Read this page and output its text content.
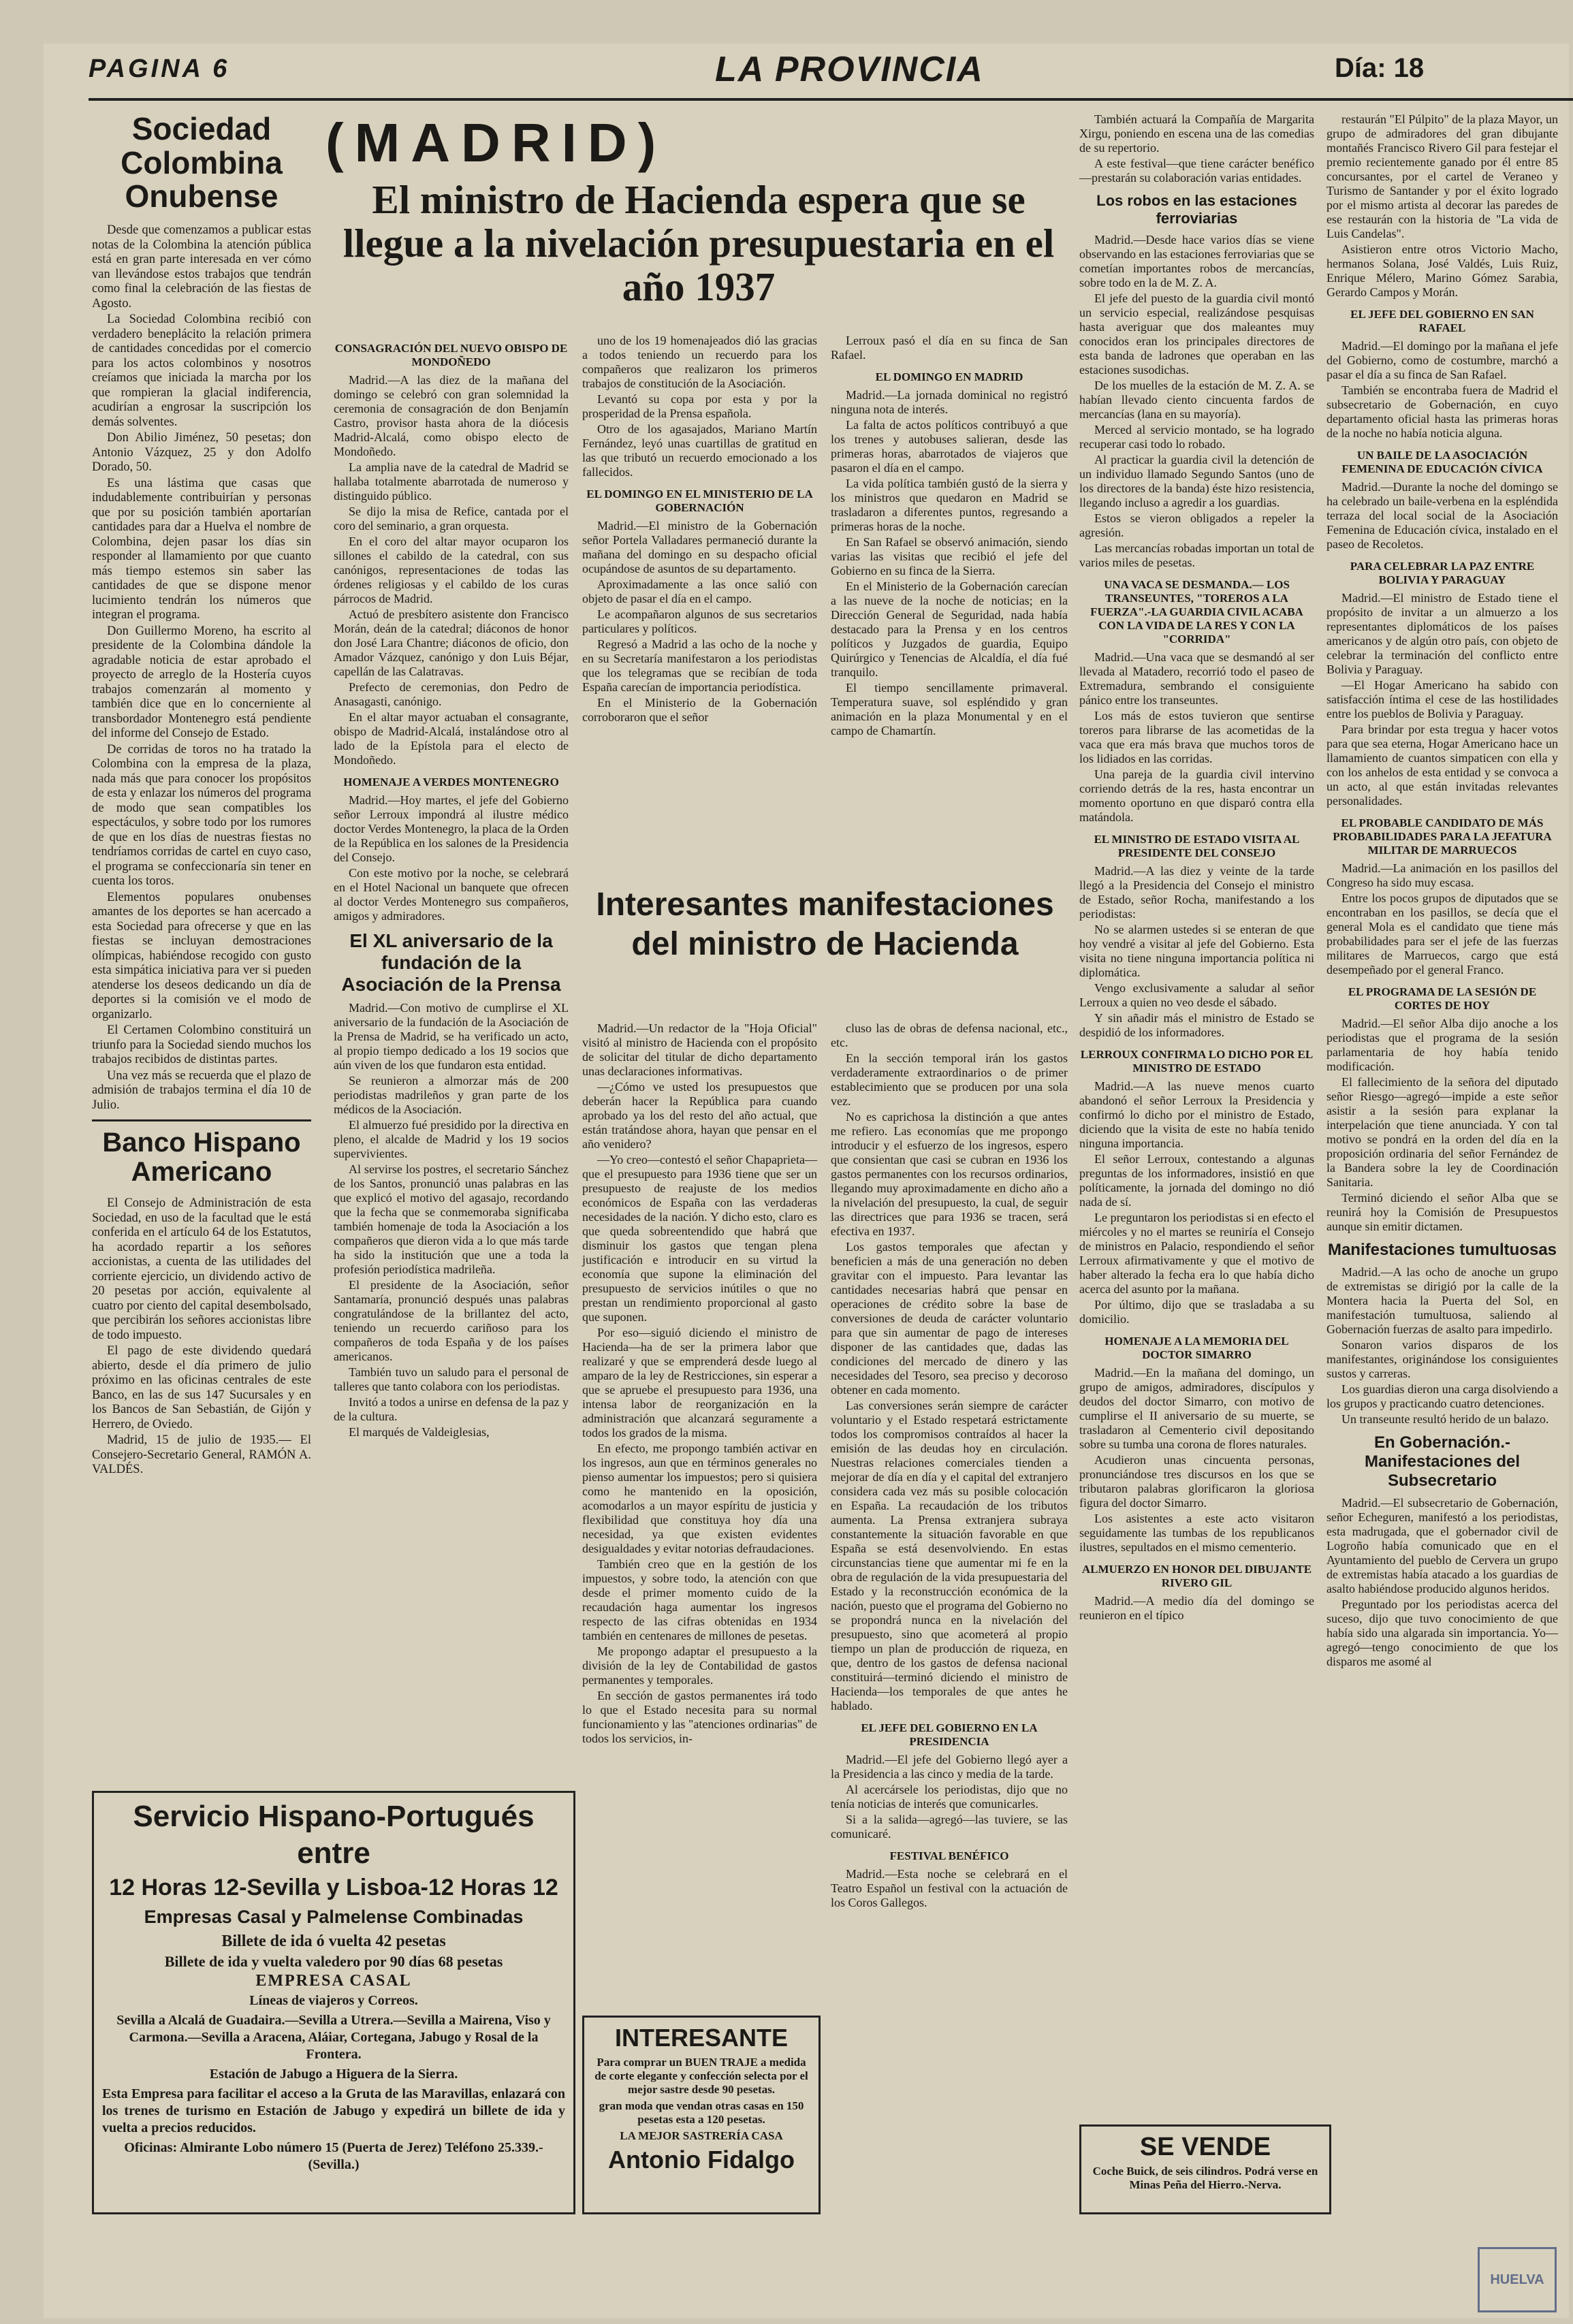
PAGINA 6	LA PROVINCIA	Día: 18
Sociedad Colombina Onubense

Desde que comenzamos a publicar estas notas de la Colombina la atención pública está en gran parte interesada en ver cómo van llevándose estos trabajos que tendrán como final la celebración de las fiestas de Agosto.

La Sociedad Colombina recibió con verdadero beneplácito la relación primera de cantidades concedidas por el comercio para los actos colombinos y nosotros creíamos que iniciada la marcha por los que rompieran la glacial indiferencia, acudirían a engrosar la suscripción los demás solventes.

Don Abilio Jiménez, 50 pesetas; don Antonio Vázquez, 25 y don Adolfo Dorado, 50.

Es una lástima que casas que indudablemente contribuirían y personas que por su posición también aportarían cantidades para dar a Huelva el nombre de Colombina, dejen pasar los días sin responder al llamamiento por que cuanto más tiempo estemos sin saber las cantidades de que se dispone menor lucimiento tendrán los números que integran el programa.

Don Guillermo Moreno, ha escrito al presidente de la Colombina dándole la agradable noticia de estar aprobado el proyecto de arreglo de la Hostería cuyos trabajos comenzarán al momento y también dice que en lo concerniente al transbordador Montenegro está pendiente del informe del Consejo de Estado.

De corridas de toros no ha tratado la Colombina con la empresa de la plaza, nada más que para conocer los propósitos de esta y enlazar los números del programa de modo que sean compatibles los espectáculos, y sobre todo por los rumores de que en los días de nuestras fiestas no tendríamos corridas de cartel en cuyo caso, el programa se confeccionaría sin tener en cuenta los toros.

Elementos populares onubenses amantes de los deportes se han acercado a esta Sociedad para ofrecerse y que en las fiestas se incluyan demostraciones olímpicas, habiéndose recogido con gusto esta simpática iniciativa para ver si pueden atenderse los deseos dedicando un día de deportes si la comisión ve el modo de organizarlo.

El Certamen Colombino constituirá un triunfo para la Sociedad siendo muchos los trabajos recibidos de distintas partes.

Una vez más se recuerda que el plazo de admisión de trabajos termina el día 10 de Julio.

Banco Hispano Americano

El Consejo de Administración de esta Sociedad, en uso de la facultad que le está conferida en el artículo 64 de los Estatutos, ha acordado repartir a los señores accionistas, a cuenta de las utilidades del corriente ejercicio, un dividendo activo de 20 pesetas por acción, equivalente al cuatro por ciento del capital desembolsado, que percibirán los señores accionistas libre de todo impuesto.

El pago de este dividendo quedará abierto, desde el día primero de julio próximo en las oficinas centrales de este Banco, en las de sus 147 Sucursales y en los Bancos de San Sebastián, de Gijón y Herrero, de Oviedo.

Madrid, 15 de julio de 1935.— El Consejero-Secretario General, RAMÓN A. VALDÉS.

Servicio Hispano-Portugués entre
12 Horas 12-Sevilla y Lisboa-12 Horas 12
Empresas Casal y Palmelense Combinadas
Billete de ida ó vuelta 42 pesetas
Billete de ida y vuelta valedero por 90 días 68 pesetas
EMPRESA CASAL
Líneas de viajeros y Correos.
Sevilla a Alcalá de Guadaira.—Sevilla a Utrera.—Sevilla a Mairena, Viso y Carmona.—Sevilla a Aracena, Aláiar, Cortegana, Jabugo y Rosal de la Frontera.
Estación de Jabugo a Higuera de la Sierra.
Esta Empresa para facilitar el acceso a la Gruta de las Maravillas, enlazará con los trenes de turismo en Estación de Jabugo y expedirá un billete de ida y vuelta a precios reducidos.
Oficinas: Almirante Lobo número 15 (Puerta de Jerez) Teléfono 25.339.-(Sevilla.)
(MADRID)
El ministro de Hacienda espera que se llegue a la nivelación presupuestaria en el año 1937
CONSAGRACIÓN DEL NUEVO OBISPO DE MONDOÑEDO

Madrid.—A las diez de la mañana del domingo se celebró con gran solemnidad la ceremonia de consagración de don Benjamín Castro, provisor hasta ahora de la diócesis Madrid-Alcalá, como obispo electo de Mondoñedo.

La amplia nave de la catedral de Madrid se hallaba totalmente abarrotada de numeroso y distinguido público.

Se dijo la misa de Refice, cantada por el coro del seminario, a gran orquesta.

En el coro del altar mayor ocuparon los sillones el cabildo de la catedral, con sus canónigos, representaciones de todas las órdenes religiosas y el cabildo de los curas párrocos de Madrid.

Actuó de presbítero asistente don Francisco Morán, deán de la catedral; diáconos de honor don José Lara Chantre; diáconos de oficio, don Amador Vázquez, canónigo y don Luis Béjar, capellán de las Calatravas.

Prefecto de ceremonias, don Pedro de Anasagasti, canónigo.

En el altar mayor actuaban el consagrante, obispo de Madrid-Alcalá, instalándose otro al lado de la Epístola para el electo de Mondoñedo.

HOMENAJE A VERDES MONTENEGRO

Madrid.—Hoy martes, el jefe del Gobierno señor Lerroux impondrá al ilustre médico doctor Verdes Montenegro, la placa de la Orden de la República en los salones de la Presidencia del Consejo.

Con este motivo por la noche, se celebrará en el Hotel Nacional un banquete que ofrecen al doctor Verdes Montenegro sus compañeros, amigos y admiradores.

El XL aniversario de la fundación de la Asociación de la Prensa

Madrid.—Con motivo de cumplirse el XL aniversario de la fundación de la Asociación de la Prensa de Madrid, se ha verificado un acto, al propio tiempo dedicado a los 19 socios que aún viven de los que fundaron esta entidad.

Se reunieron a almorzar más de 200 periodistas madrileños y gran parte de los médicos de la Asociación.

El almuerzo fué presidido por la directiva en pleno, el alcalde de Madrid y los 19 socios supervivientes.

Al servirse los postres, el secretario Sánchez de los Santos, pronunció unas palabras en las que explicó el motivo del agasajo, recordando que la fecha que se conmemoraba significaba también homenaje de toda la Asociación a los compañeros que dieron vida a lo que más tarde ha sido la institución que une a toda la profesión periodística madrileña.

El presidente de la Asociación, señor Santamaría, pronunció después unas palabras congratulándose de la brillantez del acto, teniendo un recuerdo cariñoso para los compañeros de toda España y de los países americanos.

También tuvo un saludo para el personal de talleres que tanto colabora con los periodistas.

Invitó a todos a unirse en defensa de la paz y de la cultura.

El marqués de Valdeiglesias,

uno de los 19 homenajeados dió las gracias a todos teniendo un recuerdo para los compañeros que realizaron los primeros trabajos de constitución de la Asociación.

Levantó su copa por esta y por la prosperidad de la Prensa española.

Otro de los agasajados, Mariano Martín Fernández, leyó unas cuartillas de gratitud en las que tributó un recuerdo emocionado a los fallecidos.

EL DOMINGO EN EL MINISTERIO DE LA GOBERNACIÓN

Madrid.—El ministro de la Gobernación señor Portela Valladares permaneció durante la mañana del domingo en su despacho oficial ocupándose de asuntos de su departamento.

Aproximadamente a las once salió con objeto de pasar el día en el campo.

Le acompañaron algunos de sus secretarios particulares y políticos.

Regresó a Madrid a las ocho de la noche y en su Secretaría manifestaron a los periodistas que los telegramas que se recibían de toda España carecían de importancia periodística.

En el Ministerio de la Gobernación corroboraron que el señor

Lerroux pasó el día en su finca de San Rafael.

EL DOMINGO EN MADRID

Madrid.—La jornada dominical no registró ninguna nota de interés.

La falta de actos políticos contribuyó a que los trenes y autobuses salieran, desde las primeras horas, abarrotados de viajeros que pasaron el día en el campo.

La vida política también gustó de la sierra y los ministros que quedaron en Madrid se trasladaron a diferentes puntos, regresando a primeras horas de la noche.

En San Rafael se observó animación, siendo varias las visitas que recibió el jefe del Gobierno en su finca de la Sierra.

En el Ministerio de la Gobernación carecían a las nueve de la noche de noticias; en la Dirección General de Seguridad, nada había destacado para la Prensa y en los centros políticos y Juzgados de guardia, Equipo Quirúrgico y Tenencias de Alcaldía, el día fué tranquilo.

El tiempo sencillamente primaveral. Temperatura suave, sol espléndido y gran animación en la plaza Monumental y en el campo de Chamartín.

Interesantes manifestaciones del ministro de Hacienda

Madrid.—Un redactor de la "Hoja Oficial" visitó al ministro de Hacienda con el propósito de solicitar del titular de dicho departamento unas declaraciones informativas.

—¿Cómo ve usted los presupuestos que deberán hacer la República para cuando aprobado ya los del resto del año actual, que están tratándose ahora, hayan que pensar en el año venidero?

—Yo creo—contestó el señor Chapaprieta—que el presupuesto para 1936 tiene que ser un presupuesto de reajuste de los medios económicos de España con las verdaderas necesidades de la nación. Y dicho esto, claro es que queda sobreentendido que habrá que disminuir los gastos que tengan plena justificación e introducir en su virtud la economía que supone la eliminación del presupuesto de servicios inútiles o que no prestan un rendimiento proporcional al gasto que suponen.

Por eso—siguió diciendo el ministro de Hacienda—ha de ser la primera labor que realizaré y que se emprenderá desde luego al amparo de la ley de Restricciones, sin esperar a que se apruebe el presupuesto para 1936, una intensa labor de reorganización en la administración que alcanzará seguramente a todos los grados de la misma.

En efecto, me propongo también activar en los ingresos, aun que en términos generales no pienso aumentar los impuestos; pero si quisiera como he mantenido en la oposición, acomodarlos a un mayor espíritu de justicia y flexibilidad que constituya hoy día una necesidad, ya que existen evidentes desigualdades y evitar notorias defraudaciones.

También creo que en la gestión de los impuestos, y sobre todo, la atención con que desde el primer momento cuido de la recaudación haga aumentar los ingresos respecto de las cifras obtenidas en 1934 también en centenares de millones de pesetas.

Me propongo adaptar el presupuesto a la división de la ley de Contabilidad de gastos permanentes y temporales.

En sección de gastos permanentes irá todo lo que el Estado necesita para su normal funcionamiento y las "atenciones ordinarias" de todos los servicios, in-

INTERESANTE
Para comprar un BUEN TRAJE a medida de corte elegante y confección selecta por el mejor sastre desde 90 pesetas.
gran moda que vendan otras casas en 150 pesetas esta a 120 pesetas.
LA MEJOR SASTRERÍA CASA
Antonio Fidalgo

cluso las de obras de defensa nacional, etc., etc.

En la sección temporal irán los gastos verdaderamente extraordinarios o de primer establecimiento que se producen por una sola vez.

No es caprichosa la distinción a que antes me refiero. Las economías que me propongo introducir y el esfuerzo de los ingresos, espero que consientan que casi se cubran en 1936 los gastos permanentes con los recursos ordinarios, llegando muy aproximadamente en dicho año a la nivelación del presupuesto, la cual, de seguir las directrices que para 1936 se tracen, será efectiva en 1937.

Los gastos temporales que afectan y beneficien a más de una generación no deben gravitar con el impuesto. Para levantar las cantidades necesarias habrá que pensar en operaciones de crédito sobre la base de conversiones de deuda de carácter voluntario para que sin aumentar de pago de intereses disponer de las cantidades que, dadas las condiciones del mercado de dinero y las necesidades del Tesoro, sea preciso y decoroso obtener en cada momento.

Las conversiones serán siempre de carácter voluntario y el Estado respetará estrictamente todos los compromisos contraídos al hacer la emisión de las deudas hoy en circulación. Nuestras relaciones comerciales tienden a mejorar de día en día y el capital del extranjero considera cada vez más su posible colocación en España. La recaudación de los tributos aumenta. La Prensa extranjera subraya constantemente la situación favorable en que España se está desenvolviendo. En estas circunstancias tiene que aumentar mi fe en la obra de regulación de la vida presupuestaria del Estado y la reconstrucción económica de la nación, puesto que el programa del Gobierno no se propondrá nunca en la nivelación del presupuesto, sino que acometerá al propio tiempo un plan de producción de riqueza, en que, dentro de los gastos de defensa nacional constituirá—terminó diciendo el ministro de Hacienda—los temporales de que antes he hablado.

EL JEFE DEL GOBIERNO EN LA PRESIDENCIA

Madrid.—El jefe del Gobierno llegó ayer a la Presidencia a las cinco y media de la tarde.

Al acercársele los periodistas, dijo que no tenía noticias de interés que comunicarles.

Si a la salida—agregó—las tuviere, se las comunicaré.

FESTIVAL BENÉFICO

Madrid.—Esta noche se celebrará en el Teatro Español un festival con la actuación de los Coros Gallegos.

También actuará la Compañía de Margarita Xirgu, poniendo en escena una de las comedias de su repertorio.

A este festival—que tiene carácter benéfico—prestarán su colaboración varias entidades.

Los robos en las estaciones ferroviarias

Madrid.—Desde hace varios días se viene observando en las estaciones ferroviarias que se cometían importantes robos de mercancías, sobre todo en la de M. Z. A.

El jefe del puesto de la guardia civil montó un servicio especial, realizándose pesquisas hasta averiguar que dos maleantes muy conocidos eran los principales directores de esta banda de ladrones que operaban en las estaciones susodichas.

De los muelles de la estación de M. Z. A. se habían llevado ciento cincuenta fardos de mercancías (lana en su mayoría).

Merced al servicio montado, se ha logrado recuperar casi todo lo robado.

Al practicar la guardia civil la detención de un individuo llamado Segundo Santos (uno de los directores de la banda) éste hizo resistencia, llegando incluso a agredir a los guardias.

Estos se vieron obligados a repeler la agresión.

Las mercancías robadas importan un total de varios miles de pesetas.

UNA VACA SE DESMANDA.— LOS TRANSEUNTES, "TOREROS A LA FUERZA".-LA GUARDIA CIVIL ACABA CON LA VIDA DE LA RES Y CON LA "CORRIDA"

Madrid.—Una vaca que se desmandó al ser llevada al Matadero, recorrió todo el paseo de Extremadura, sembrando el consiguiente pánico entre los transeuntes.

Los más de estos tuvieron que sentirse toreros para librarse de las acometidas de la vaca que era más brava que muchos toros de los lidiados en las corridas.

Una pareja de la guardia civil intervino corriendo detrás de la res, hasta encontrar un momento oportuno en que disparó contra ella matándola.

EL MINISTRO DE ESTADO VISITA AL PRESIDENTE DEL CONSEJO

Madrid.—A las diez y veinte de la tarde llegó a la Presidencia del Consejo el ministro de Estado, señor Rocha, manifestando a los periodistas:

No se alarmen ustedes si se enteran de que hoy vendré a visitar al jefe del Gobierno. Esta visita no tiene ninguna importancia política ni diplomática.

Vengo exclusivamente a saludar al señor Lerroux a quien no veo desde el sábado.

Y sin añadir más el ministro de Estado se despidió de los informadores.

LERROUX CONFIRMA LO DICHO POR EL MINISTRO DE ESTADO

Madrid.—A las nueve menos cuarto abandonó el señor Lerroux la Presidencia y confirmó lo dicho por el ministro de Estado, diciendo que la visita de este no había tenido ninguna importancia.

El señor Lerroux, contestando a algunas preguntas de los informadores, insistió en que políticamente, la jornada del domingo no dió nada de sí.

Le preguntaron los periodistas si en efecto el miércoles y no el martes se reuniría el Consejo de ministros en Palacio, respondiendo el señor Lerroux afirmativamente y que el motivo de haber alterado la fecha era lo que había dicho acerca del asunto por la mañana.

Por último, dijo que se trasladaba a su domicilio.

HOMENAJE A LA MEMORIA DEL DOCTOR SIMARRO

Madrid.—En la mañana del domingo, un grupo de amigos, admiradores, discípulos y deudos del doctor Simarro, con motivo de cumplirse el II aniversario de su muerte, se trasladaron al Cementerio civil depositando sobre su tumba una corona de flores naturales.

Acudieron unas cincuenta personas, pronunciándose tres discursos en los que se tributaron palabras glorificaron la gloriosa figura del doctor Simarro.

Los asistentes a este acto visitaron seguidamente las tumbas de los republicanos ilustres, sepultados en el mismo cementerio.

ALMUERZO EN HONOR DEL DIBUJANTE RIVERO GIL

Madrid.—A medio día del domingo se reunieron en el típico

SE VENDE
Coche Buick, de seis cilindros. Podrá verse en Minas Peña del Hierro.-Nerva.

restaurán "El Púlpito" de la plaza Mayor, un grupo de admiradores del gran dibujante montañés Francisco Rivero Gil para festejar el premio recientemente ganado por él entre 85 concursantes, por el cartel de Veraneo y Turismo de Santander y por el éxito logrado por el mismo artista al decorar las paredes de ese restaurán con la historia de "La vida de Luis Candelas".

Asistieron entre otros Victorio Macho, hermanos Solana, José Valdés, Luis Ruiz, Enrique Mélero, Marino Gómez Sarabia, Gerardo Campos y Morán.

EL JEFE DEL GOBIERNO EN SAN RAFAEL

Madrid.—El domingo por la mañana el jefe del Gobierno, como de costumbre, marchó a pasar el día a su finca de San Rafael.

También se encontraba fuera de Madrid el subsecretario de Gobernación, en cuyo departamento oficial hasta las primeras horas de la noche no había noticia alguna.

UN BAILE DE LA ASOCIACIÓN FEMENINA DE EDUCACIÓN CÍVICA

Madrid.—Durante la noche del domingo se ha celebrado un baile-verbena en la espléndida terraza del local social de la Asociación Femenina de Educación cívica, instalado en el paseo de Recoletos.

PARA CELEBRAR LA PAZ ENTRE BOLIVIA Y PARAGUAY

Madrid.—El ministro de Estado tiene el propósito de invitar a un almuerzo a los representantes diplomáticos de los países americanos y de algún otro país, con objeto de celebrar la terminación del conflicto entre Bolivia y Paraguay.

—El Hogar Americano ha sabido con satisfacción íntima el cese de las hostilidades entre los pueblos de Bolivia y Paraguay.

Para brindar por esta tregua y hacer votos para que sea eterna, Hogar Americano hace un llamamiento de cuantos simpaticen con ella y con los anhelos de esta entidad y se convoca a un acto, al que están invitadas relevantes personalidades.

EL PROBABLE CANDIDATO DE MÁS PROBABILIDADES PARA LA JEFATURA MILITAR DE MARRUECOS

Madrid.—La animación en los pasillos del Congreso ha sido muy escasa.

Entre los pocos grupos de diputados que se encontraban en los pasillos, se decía que el general Mola es el candidato que tiene más probabilidades para ser el jefe de las fuerzas militares de Marruecos, cargo que está desempeñado por el general Franco.

EL PROGRAMA DE LA SESIÓN DE CORTES DE HOY

Madrid.—El señor Alba dijo anoche a los periodistas que el programa de la sesión parlamentaria de hoy había tenido modificación.

El fallecimiento de la señora del diputado señor Riesgo—agregó—impide a este señor asistir a la sesión para explanar la interpelación que tiene anunciada. Y con tal motivo se pondrá en la orden del día en la proposición ordinaria del señor Fernández de la Bandera sobre la ley de Coordinación Sanitaria.

Terminó diciendo el señor Alba que se reunirá hoy la Comisión de Presupuestos aunque sin emitir dictamen.

Manifestaciones tumultuosas

Madrid.—A las ocho de anoche un grupo de extremistas se dirigió por la calle de la Montera hacia la Puerta del Sol, en manifestación tumultuosa, saliendo al Gobernación fuerzas de asalto para impedirlo.

Sonaron varios disparos de los manifestantes, originándose los consiguientes sustos y carreras.

Los guardias dieron una carga disolviendo a los grupos y practicando cuatro detenciones.

Un transeunte resultó herido de un balazo.

En Gobernación.-Manifestaciones del Subsecretario

Madrid.—El subsecretario de Gobernación, señor Echeguren, manifestó a los periodistas, esta madrugada, que el gobernador civil de Logroño había comunicado que en el Ayuntamiento del pueblo de Cervera un grupo de extremistas había atacado a los guardias de asalto habiéndose producido algunos heridos.

Preguntado por los periodistas acerca del suceso, dijo que tuvo conocimiento de que había sido una algarada sin importancia. Yo—agregó—tengo conocimiento de que los disparos me asomé al

HUELVA
